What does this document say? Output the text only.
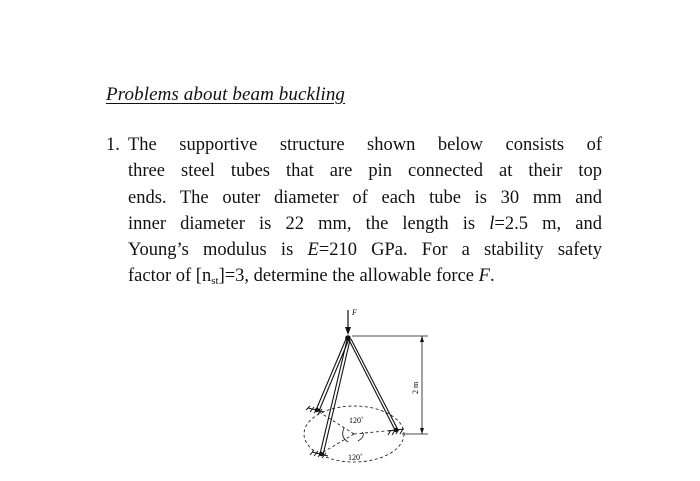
Problems about beam buckling
1. The supportive structure shown below consists of
three steel tubes that are pin connected at their top
ends. The outer diameter of each tube is 30 mm and
inner diameter is 22 mm, the length is l=2.5 m, and
Young’s modulus is E=210 GPa. For a stability safety
factor of $[n_{st}]=3$, determine the allowable force F.
F
120˚
120˚
2 m
